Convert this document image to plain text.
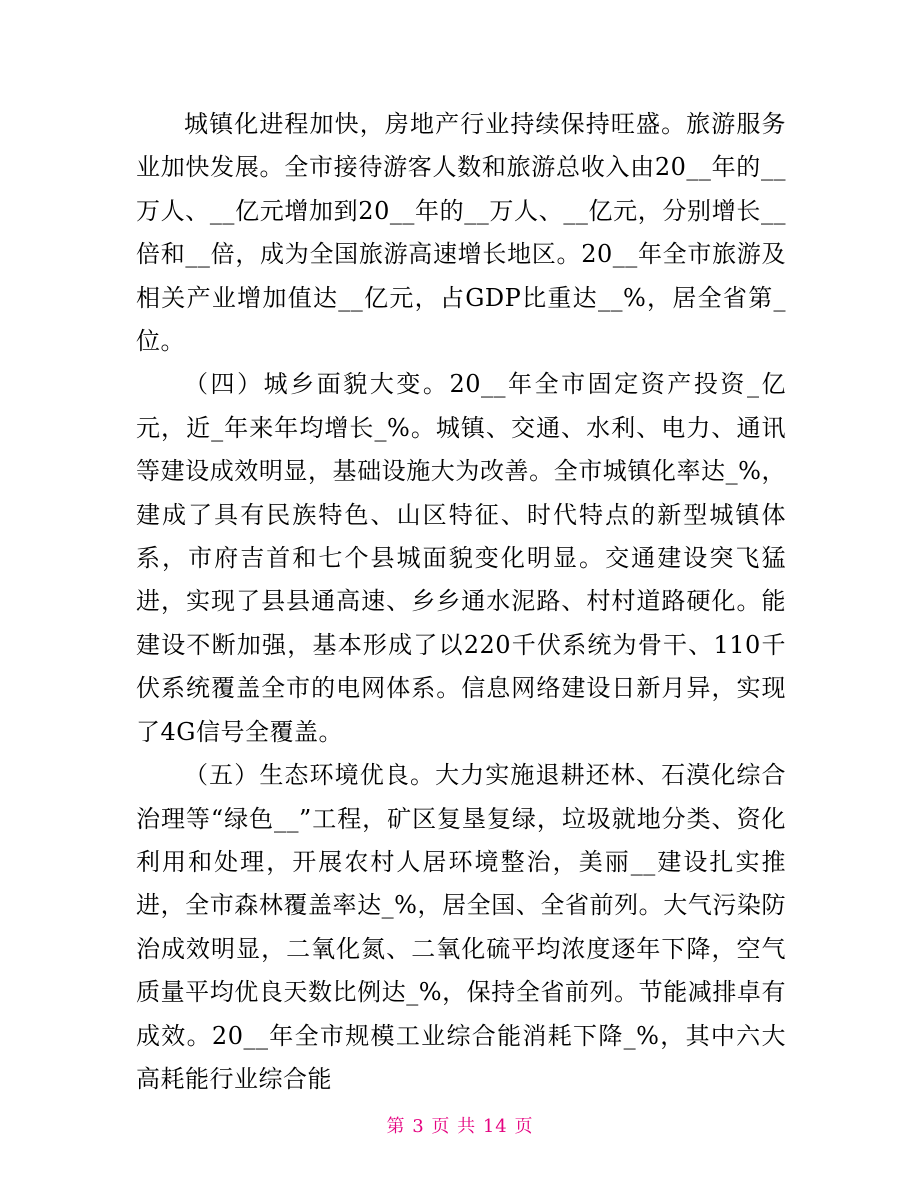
城镇化进程加快，房地产行业持续保持旺盛。旅游服务业加快发展。全市接待游客人数和旅游总收入由20__年的__万人、__亿元增加到20__年的__万人、__亿元，分别增长__倍和__倍，成为全国旅游高速增长地区。20__年全市旅游及相关产业增加值达__亿元，占GDP比重达__%，居全省第_位。

（四）城乡面貌大变。20__年全市固定资产投资_亿元，近_年来年均增长_%。城镇、交通、水利、电力、通讯等建设成效明显，基础设施大为改善。全市城镇化率达_%，建成了具有民族特色、山区特征、时代特点的新型城镇体系，市府吉首和七个县城面貌变化明显。交通建设突飞猛进，实现了县县通高速、乡乡通水泥路、村村道路硬化。能建设不断加强，基本形成了以220千伏系统为骨干、110千伏系统覆盖全市的电网体系。信息网络建设日新月异，实现了4G信号全覆盖。

（五）生态环境优良。大力实施退耕还林、石漠化综合治理等“绿色__”工程，矿区复垦复绿，垃圾就地分类、资化利用和处理，开展农村人居环境整治，美丽__建设扎实推进，全市森林覆盖率达_%，居全国、全省前列。大气污染防治成效明显，二氧化氮、二氧化硫平均浓度逐年下降，空气质量平均优良天数比例达_%，保持全省前列。节能减排卓有成效。20__年全市规模工业综合能消耗下降_%，其中六大高耗能行业综合能

第 3 页 共 14 页
